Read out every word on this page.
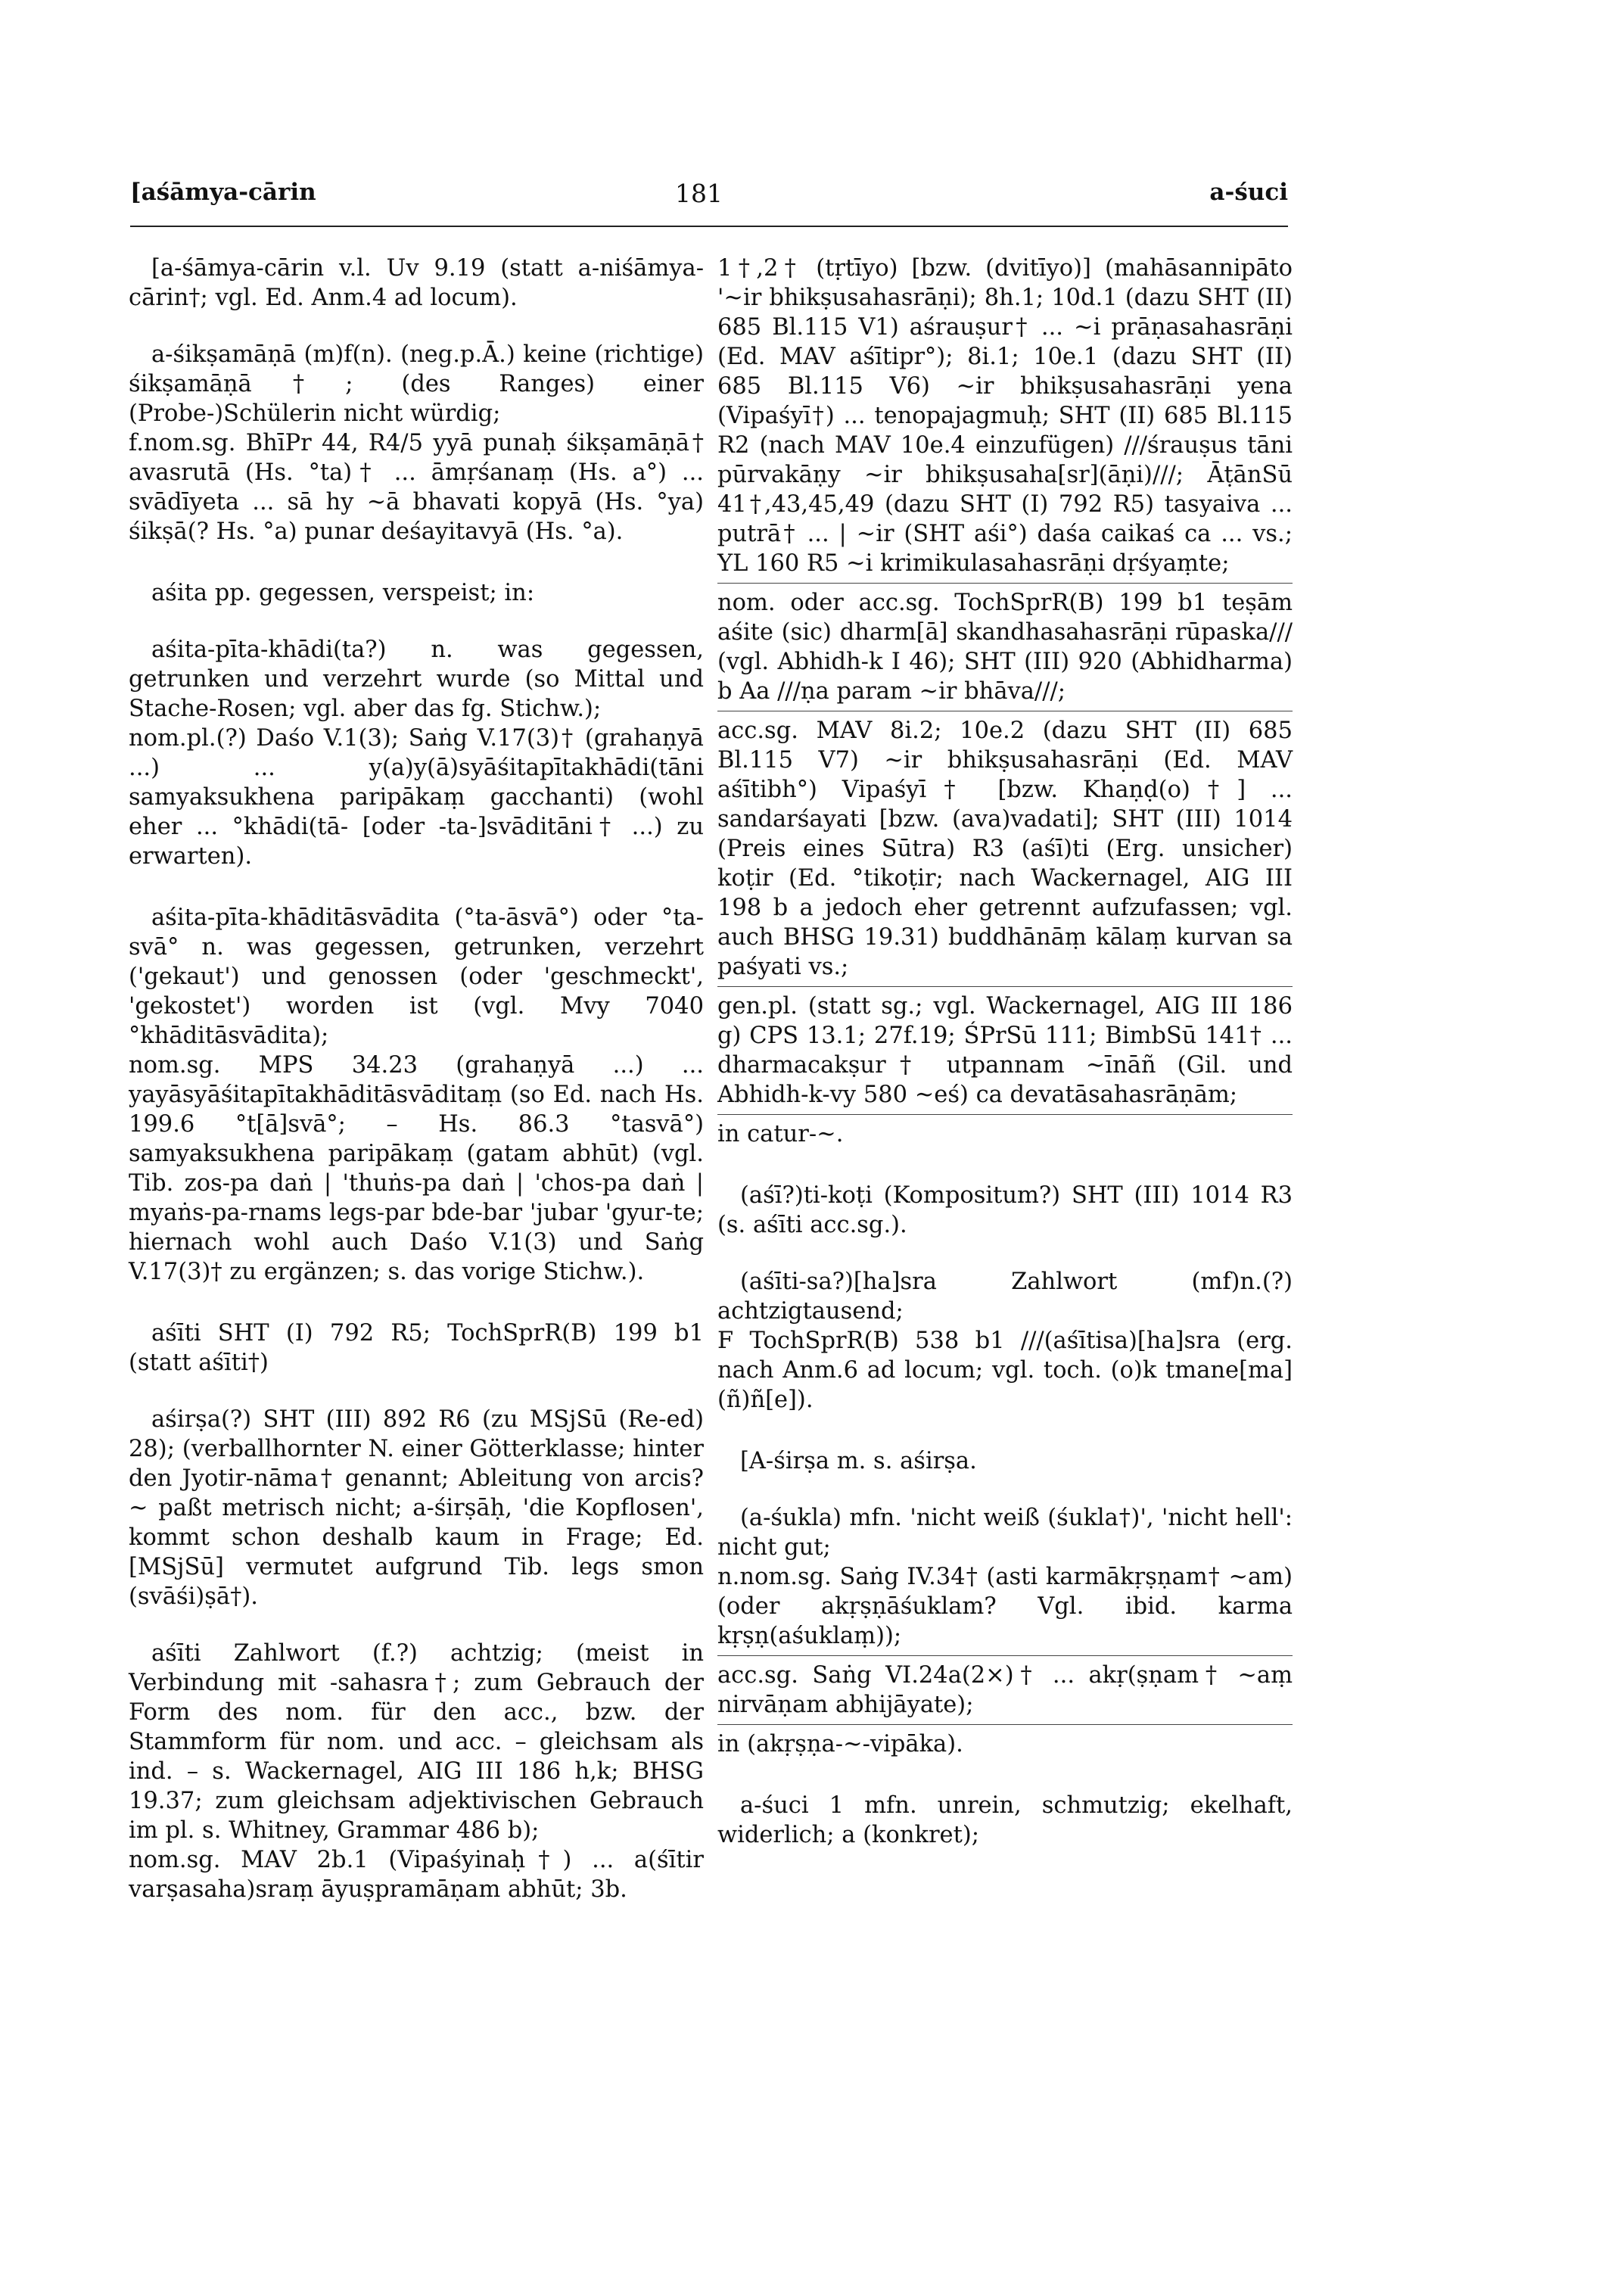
[aśāmya-cārin	181	a-śuci
[a-śāmya-cārin v.l. Uv 9.19 (statt a-niśāmya-cārin†; vgl. Ed. Anm.4 ad locum).
a-śikṣamāṇā (m)f(n). (neg.p.Ā.) keine (richtige) śikṣamāṇā†; (des Ranges) einer (Probe-)Schülerin nicht würdig;
f.nom.sg. BhīPr 44, R4/5 yyā punaḥ śikṣamāṇā† avasrutā (Hs. °ta)† ... āmṛśanaṃ (Hs. a°) ... svādīyeta ... sā hy ~ā bhavati kopyā (Hs. °ya) śikṣā(? Hs. °a) punar deśayitavyā (Hs. °a).
aśita pp. gegessen, verspeist; in:
aśita-pīta-khādi(ta?) n. was gegessen, getrunken und verzehrt wurde (so Mittal und Stache-Rosen; vgl. aber das fg. Stichw.);
nom.pl.(?) Daśo V.1(3); Saṅg V.17(3)† (grahaṇyā ...) ... y(a)y(ā)syāśitapītakhādi(tāni samyaksukhena paripākaṃ gacchanti) (wohl eher ... °khādi(tā- [oder -ta-]svāditāni† ...) zu erwarten).
aśita-pīta-khāditāsvādita (°ta-āsvā°) oder °ta-svā° n. was gegessen, getrunken, verzehrt ('gekaut') und genossen (oder 'geschmeckt', 'gekostet') worden ist (vgl. Mvy 7040 °khāditāsvādita);
nom.sg. MPS 34.23 (grahaṇyā ...) ... yayāsyāśitapītakhāditāsvāditaṃ (so Ed. nach Hs. 199.6 °t[ā]svā°; – Hs. 86.3 °tasvā°) samyaksukhena paripākaṃ (gatam abhūt) (vgl. Tib. zos-pa daṅ | 'thuṅs-pa daṅ | 'chos-pa daṅ | myaṅs-pa-rnams legs-par bde-bar 'jubar 'gyur-te; hiernach wohl auch Daśo V.1(3) und Saṅg V.17(3)† zu ergänzen; s. das vorige Stichw.).
aśīti SHT (I) 792 R5; TochSprR(B) 199 b1 (statt aśīti†)
aśirṣa(?) SHT (III) 892 R6 (zu MSjSū (Re-ed) 28); (verballhornter N. einer Götterklasse; hinter den Jyotir-nāma† genannt; Ableitung von arcis? ~ paßt metrisch nicht; a-śirṣāḥ, 'die Kopflosen', kommt schon deshalb kaum in Frage; Ed. [MSjSū] vermutet aufgrund Tib. legs smon (svāśi)ṣā†).
aśīti Zahlwort (f.?) achtzig; (meist in Verbindung mit -sahasra†; zum Gebrauch der Form des nom. für den acc., bzw. der Stammform für nom. und acc. – gleichsam als ind. – s. Wackernagel, AIG III 186 h,k; BHSG 19.37; zum gleichsam adjektivischen Gebrauch im pl. s. Whitney, Grammar 486 b);
nom.sg. MAV 2b.1 (Vipaśyinaḥ†) ... a(śītir varṣasaha)sraṃ āyuṣpramāṇam abhūt; 3b.
1†,2† (tṛtīyo) [bzw. (dvitīyo)] (mahāsannipāto '~ir bhikṣusahasrāṇi); 8h.1; 10d.1 (dazu SHT (II) 685 Bl.115 V1) aśrauṣur† ... ~i prāṇasahasrāṇi (Ed. MAV aśītipr°); 8i.1; 10e.1 (dazu SHT (II) 685 Bl.115 V6) ~ir bhikṣusahasrāṇi yena (Vipaśyī†) ... tenopajagmuḥ; SHT (II) 685 Bl.115 R2 (nach MAV 10e.4 einzufügen) ///śrauṣus tāni pūrvakāṇy ~ir bhikṣusaha[sr](āṇi)///; ĀṭānSū 41†,43,45,49 (dazu SHT (I) 792 R5) tasyaiva ... putrā† ... | ~ir (SHT aśi°) daśa caikaś ca ... vs.; YL 160 R5 ~i krimikulasahasrāṇi dṛśyaṃte;
nom. oder acc.sg. TochSprR(B) 199 b1 teṣām aśite (sic) dharm[ā] skandhasahasrāṇi rūpaska/// (vgl. Abhidh-k I 46); SHT (III) 920 (Abhidharma) b Aa ///ṇa param ~ir bhāva///;
acc.sg. MAV 8i.2; 10e.2 (dazu SHT (II) 685 Bl.115 V7) ~ir bhikṣusahasrāṇi (Ed. MAV aśītibh°) Vipaśyī† [bzw. Khaṇḍ(o)†] ... sandarśayati [bzw. (ava)vadati]; SHT (III) 1014 (Preis eines Sūtra) R3 (aśī)ti (Erg. unsicher) koṭir (Ed. °tikoṭir; nach Wackernagel, AIG III 198 b a jedoch eher getrennt aufzufassen; vgl. auch BHSG 19.31) buddhānāṃ kālaṃ kurvan sa paśyati vs.;
gen.pl. (statt sg.; vgl. Wackernagel, AIG III 186 g) CPS 13.1; 27f.19; ŚPrSū 111; BimbSū 141† ... dharmacakṣur† utpannam ~īnāñ (Gil. und Abhidh-k-vy 580 ~eś) ca devatāsahasrāṇām;
in catur-~.
(aśī?)ti-koṭi (Kompositum?) SHT (III) 1014 R3 (s. aśīti acc.sg.).
(aśīti-sa?)[ha]sra Zahlwort (mf)n.(?) achtzigtausend;
F TochSprR(B) 538 b1 ///(aśītisa)[ha]sra (erg. nach Anm.6 ad locum; vgl. toch. (o)k tmane[ma](ñ)ñ[e]).
[A-śirṣa m. s. aśirṣa.
(a-śukla) mfn. 'nicht weiß (śukla†)', 'nicht hell': nicht gut;
n.nom.sg. Saṅg IV.34† (asti karmākṛṣṇam† ~am) (oder akṛṣṇāśuklam? Vgl. ibid. karma kṛṣṇ(aśuklaṃ));
acc.sg. Saṅg VI.24a(2×)† ... akṛ(ṣṇam† ~aṃ nirvāṇam abhijāyate);
in (akṛṣṇa-~-vipāka).
a-śuci 1 mfn. unrein, schmutzig; ekelhaft, widerlich; a (konkret);
